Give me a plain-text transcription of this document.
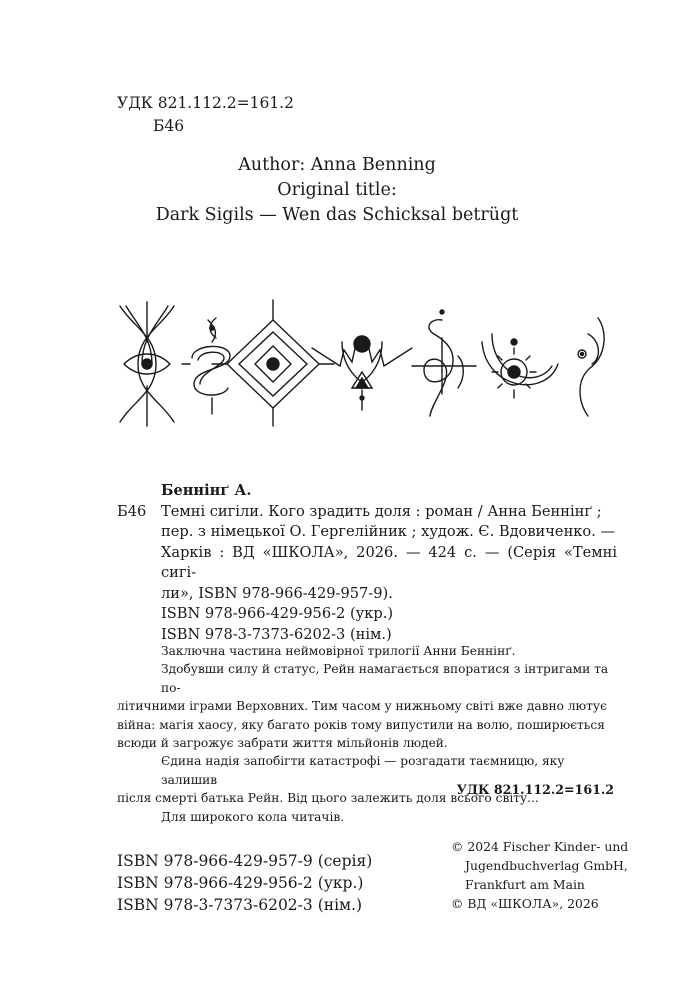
УДК 821.112.2=161.2
Б46
Author: Anna Benning
Original title:
Dark Sigils — Wen das Schicksal betrügt
Беннінґ А.
Б46 Темні сигіли. Кого зрадить доля : роман / Анна Беннінґ ;
пер. з німецької О. Гергелійник ; худож. Є. Вдовиченко. —
Харків : ВД «ШКОЛА», 2026. — 424 с. — (Серія «Темні сигі-
ли», ISBN 978-966-429-957-9).
ISBN 978-966-429-956-2 (укр.)
ISBN 978-3-7373-6202-3 (нім.)

Заключна частина неймовірної трилогії Анни Беннінґ.

Здобувши силу й статус, Рейн намагається впоратися з інтригами та по-

літичними іграми Верховних. Тим часом у нижньому світі вже давно лютує

війна: магія хаосу, яку багато років тому випустили на волю, поширюється

всюди й загрожує забрати життя мільйонів людей.

Єдина надія запобігти катастрофі — розгадати таємницю, яку залишив

після смерті батька Рейн. Від цього залежить доля всього світу...

Для широкого кола читачів.

УДК 821.112.2=161.2
ISBN 978-966-429-957-9 (серія)
ISBN 978-966-429-956-2 (укр.)
ISBN 978-3-7373-6202-3 (нім.)
© 2024 Fischer Kinder- und
Jugendbuchverlag GmbH,
Frankfurt am Main
© ВД «ШКОЛА», 2026
